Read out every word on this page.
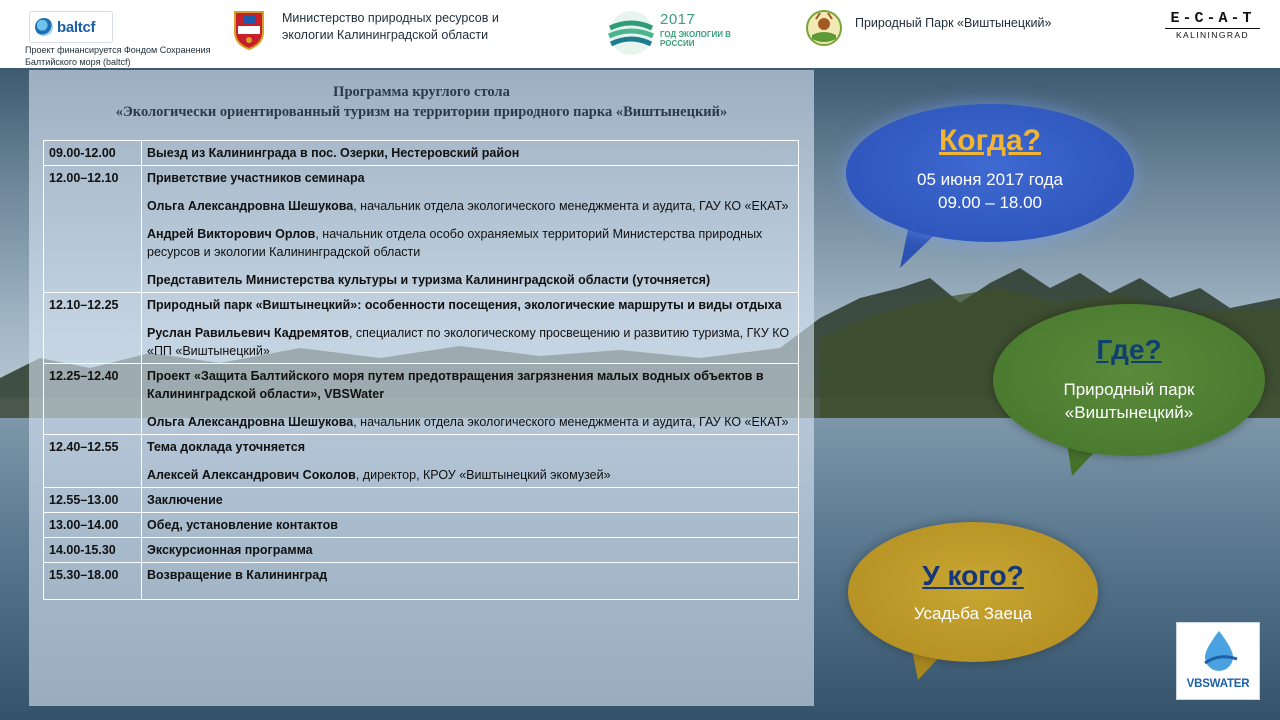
baltcf
Проект финансируется Фондом Сохранения Балтийского моря (baltcf)
Министерство природных ресурсов и экологии Калининградской области
2017
ГОД ЭКОЛОГИИ В РОССИИ
Природный Парк «Виштынецкий»	E-C-A-T
KALININGRAD
Программа круглого стола
«Экологически ориентированный туризм на территории природного парка «Виштынецкий»
09.00-12.00	Выезд из Калининграда в пос. Озерки, Нестеровский район

12.00–12.10	Приветствие участников семинара

Ольга Александровна Шешукова, начальник отдела экологического менеджмента и аудита, ГАУ КО «ЕКАТ»

Андрей Викторович Орлов, начальник отдела особо охраняемых территорий Министерства природных ресурсов и экологии Калининградской области

Представитель Министерства культуры и туризма Калининградской области (уточняется)

12.10–12.25	Природный парк «Виштынецкий»: особенности посещения, экологические маршруты и виды отдыха

Руслан Равильевич Кадремятов, специалист по экологическому просвещению и развитию туризма, ГКУ КО «ПП «Виштынецкий»

12.25–12.40	Проект «Защита Балтийского моря путем предотвращения загрязнения малых водных объектов в Калининградской области», VBSWater

Ольга Александровна Шешукова, начальник отдела экологического менеджмента и аудита, ГАУ КО «ЕКАТ»

12.40–12.55	Тема доклада уточняется

Алексей Александрович Соколов, директор, КРОУ «Виштынецкий экомузей»

12.55–13.00	Заключение

13.00–14.00	Обед, установление контактов

14.00-15.30	Экскурсионная программа

15.30–18.00	Возвращение в Калининград

Когда?
05 июня 2017 года
09.00 – 18.00
Где?
Природный парк
«Виштынецкий»
У кого?
Усадьба Заеца
VBSWATER
